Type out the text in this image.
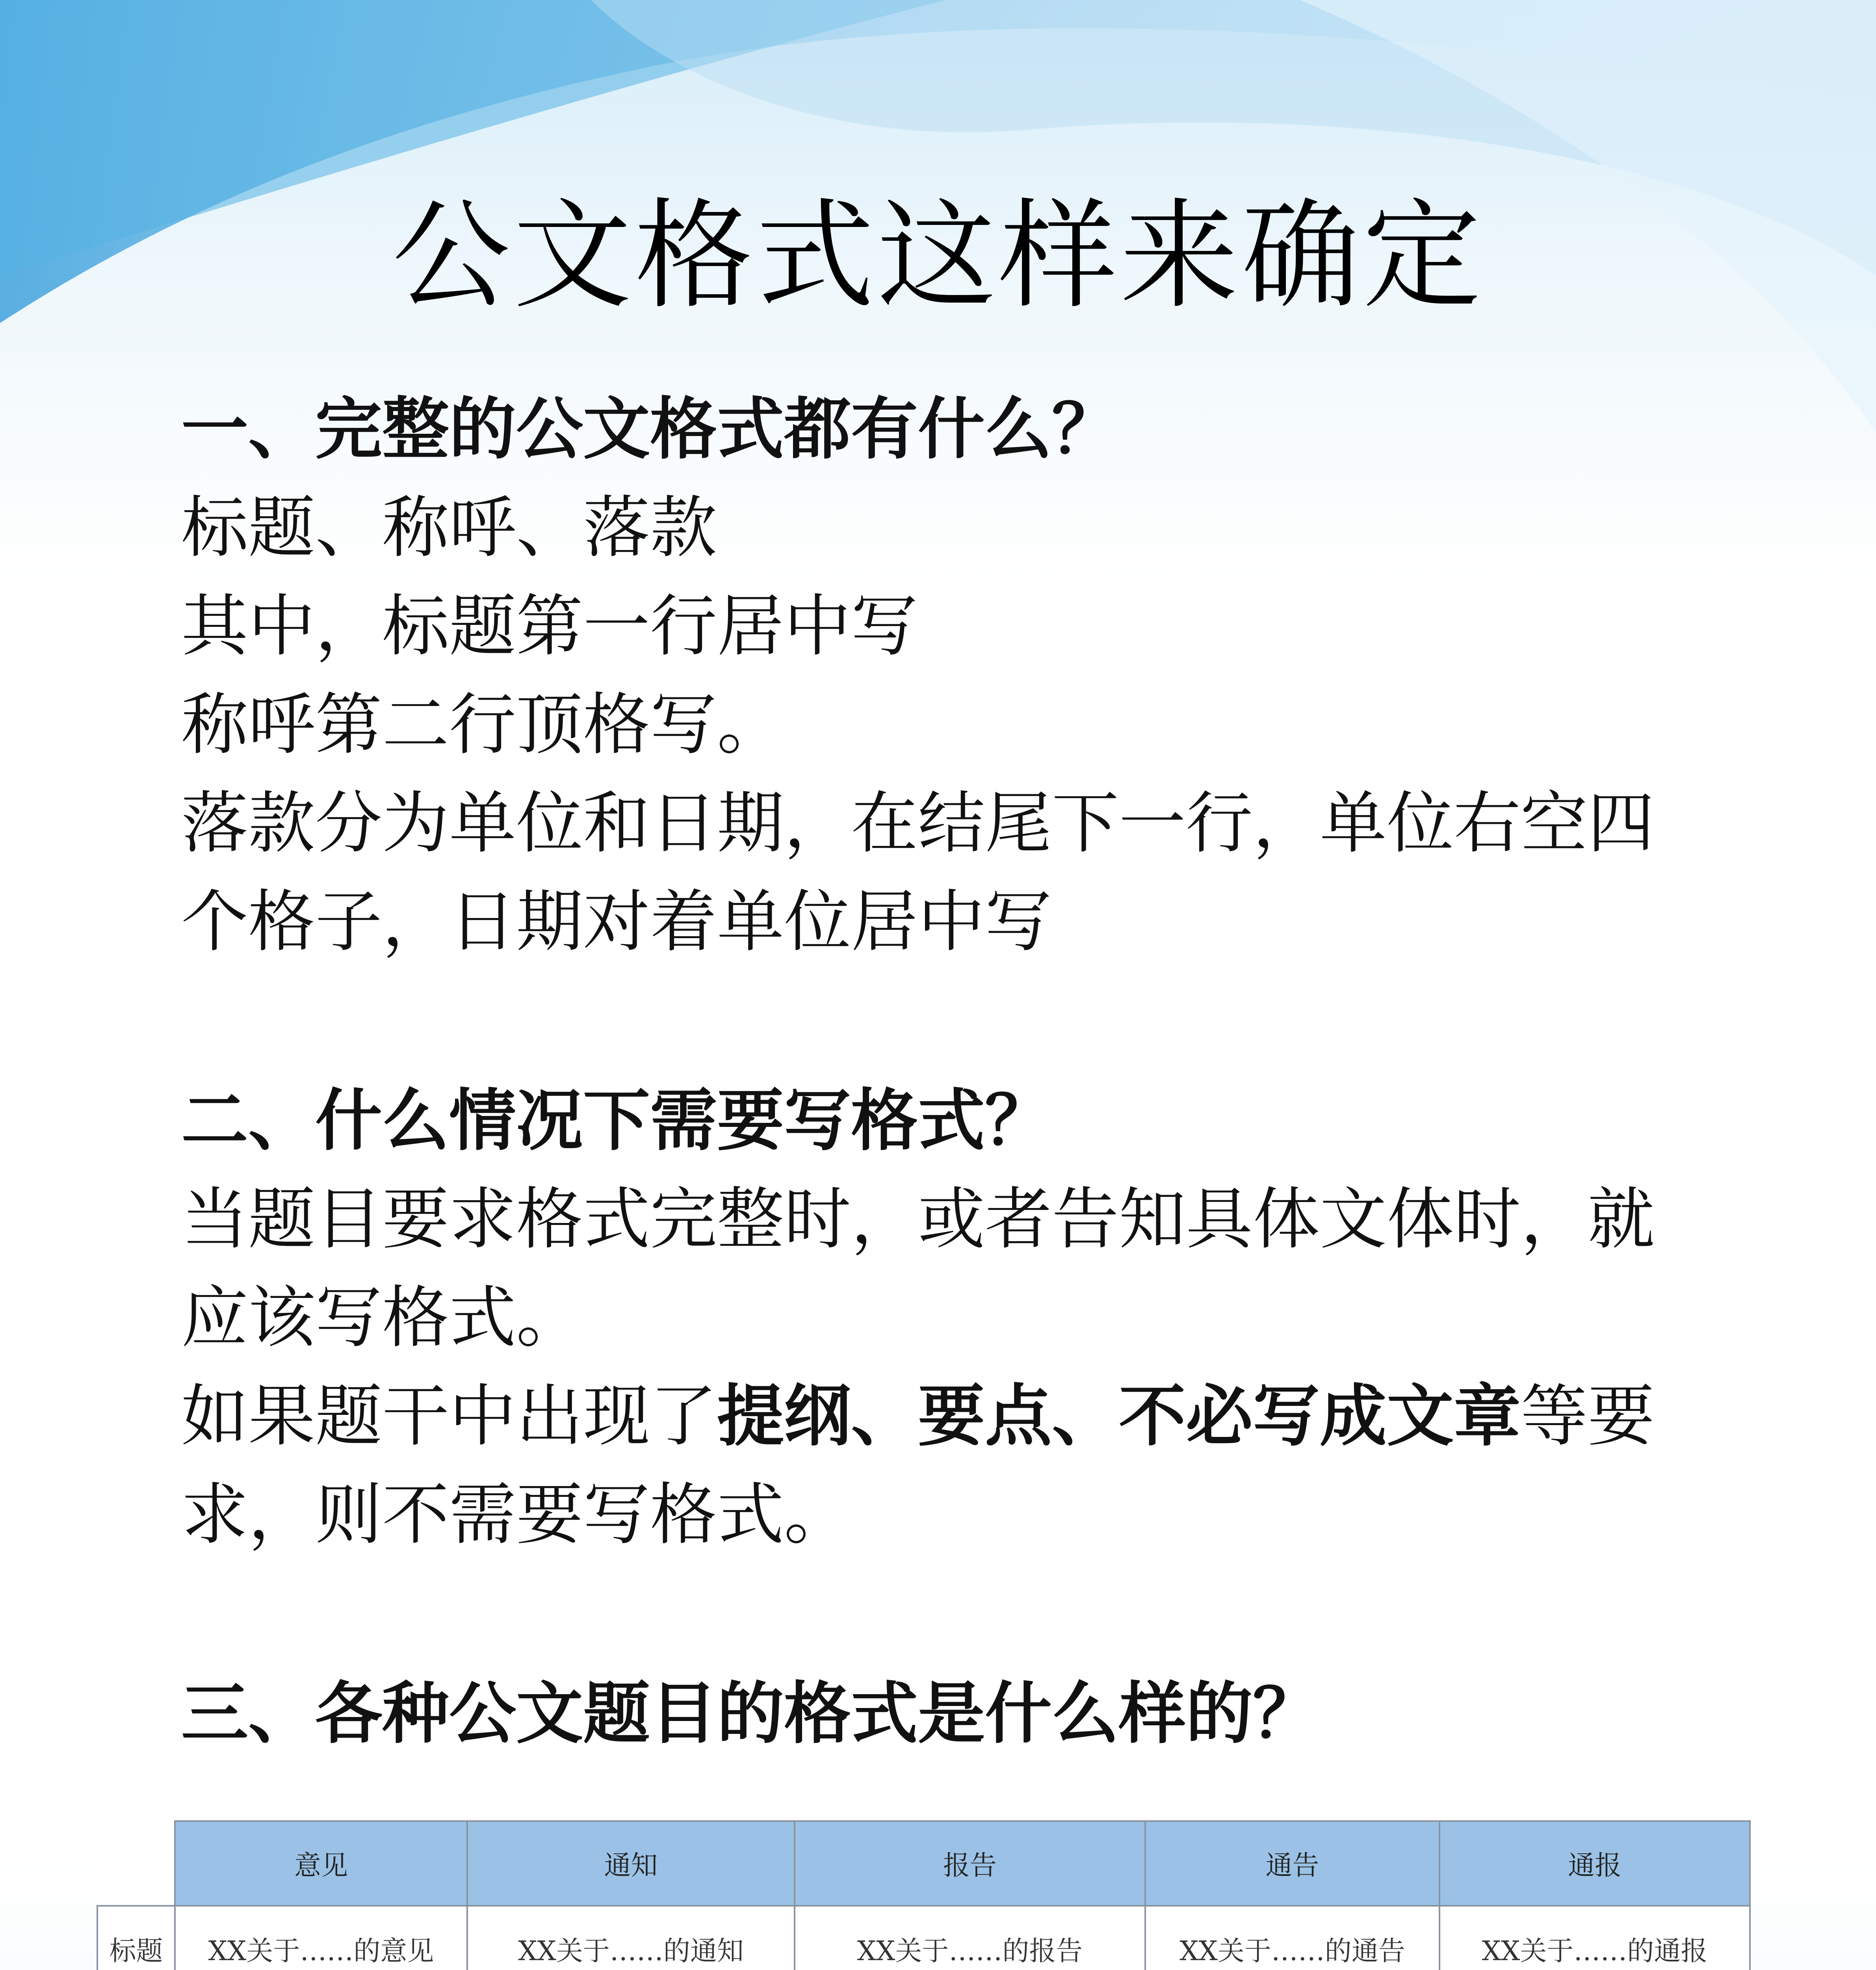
公文格式这样来确定
一、完整的公文格式都有什么？
标题、称呼、落款
其中，标题第一行居中写
称呼第二行顶格写。
落款分为单位和日期，在结尾下一行，单位右空四
个格子，日期对着单位居中写
二、什么情况下需要写格式？
当题目要求格式完整时，或者告知具体文体时，就
应该写格式。
如果题干中出现了提纲、要点、不必写成文章等要
求，则不需要写格式。
三、各种公文题目的格式是什么样的？
	意见	通知	报告	通告	通报
标题	XX关于……的意见	XX关于……的通知	XX关于……的报告	XX关于……的通告	XX关于……的通报
